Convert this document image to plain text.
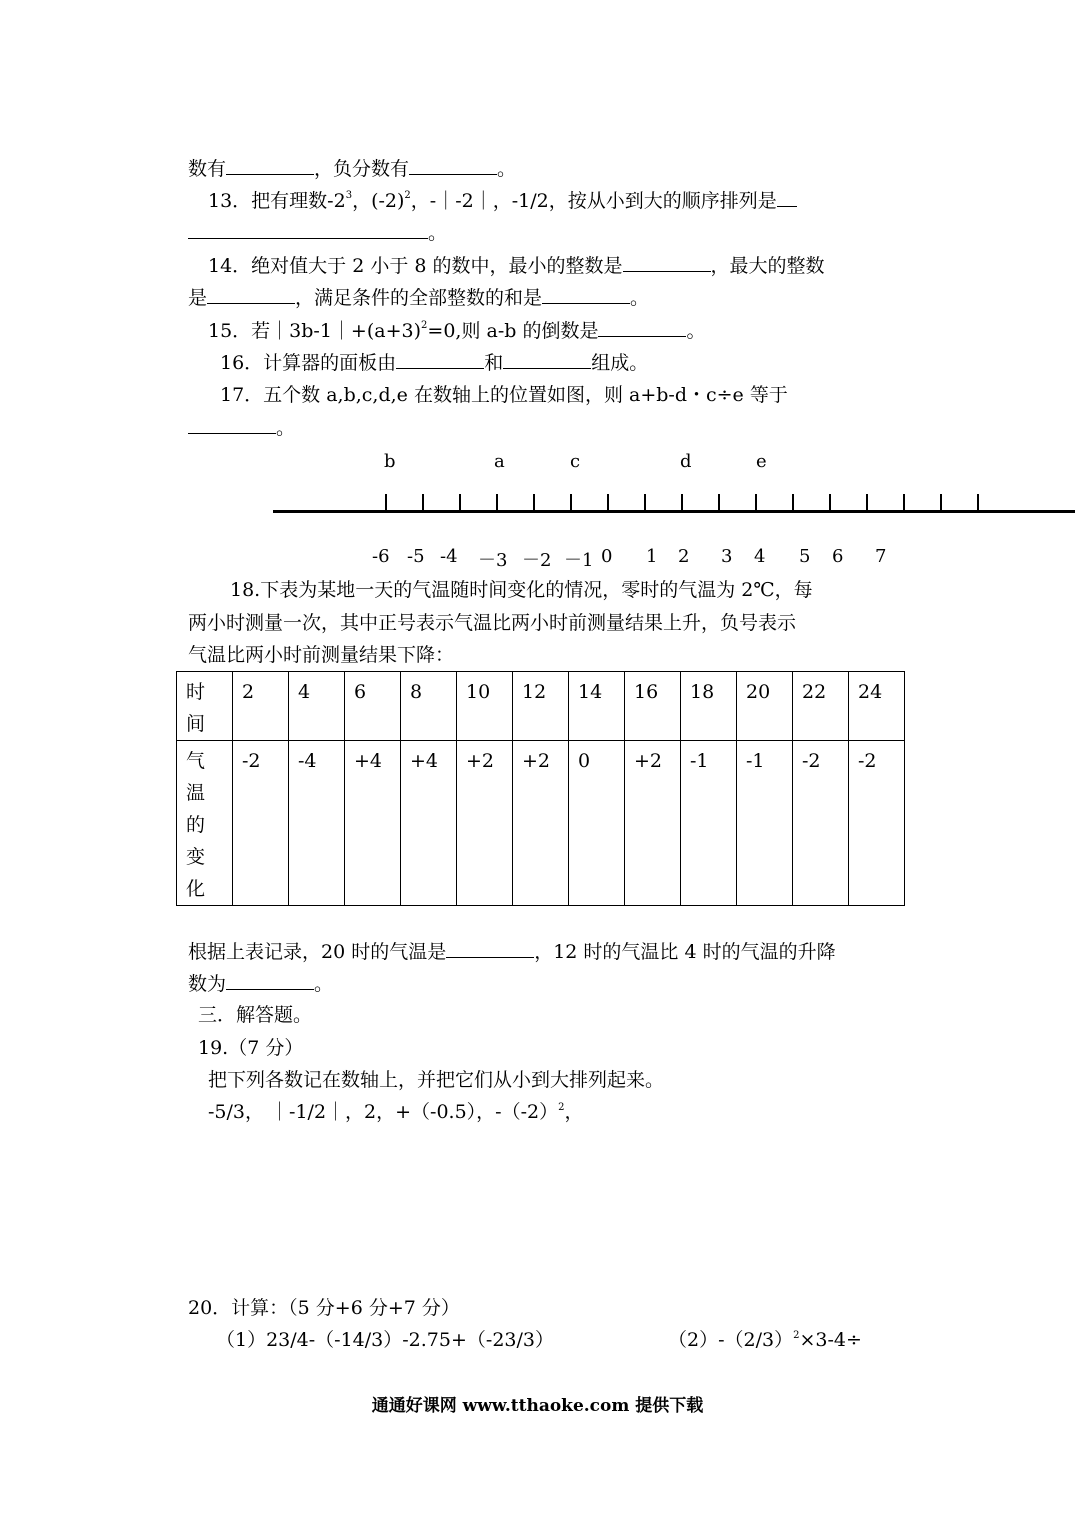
数有	，负分数有	。
13．把有理数$-2^3$，$(-2)^2$，-｜-2｜，-1/2，按从小到大的顺序排列是
。
14．绝对值大于 2 小于 8 的数中，最小的整数是	，最大的整数
是	，满足条件的全部整数的和是	。
15．若$|3b-1|+(a+3)^2=0$,则 a-b 的倒数是	。
16．计算器的面板由	和	组成。
17．五个数 a,b,c,d,e 在数轴上的位置如图，则 a+b-d・c÷e 等于
。
b	a	c	d	e
-6 -5 -4 －3 －2 －1 0 1 2 3 4 5 6 7
18.下表为某地一天的气温随时间变化的情况，零时的气温为 2℃，每
两小时测量一次，其中正号表示气温比两小时前测量结果上升，负号表示
气温比两小时前测量结果下降：
时
间	2	4	6	8	10	12	14	16	18	20	22	24
气
温
的
变
化	-2	-4	+4	+4	+2	+2	0	+2	-1	-1	-2	-2
根据上表记录，20 时的气温是	，12 时的气温比 4 时的气温的升降
数为	。
三．解答题。
19.（7 分）
把下列各数记在数轴上，并把它们从小到大排列起来。
-5/3， ｜-1/2｜，2，+（-0.5），$-(-2)^2$，
20．计算：（5 分+6 分+7 分）
（1）23/4-（-14/3）-2.75+（-23/3）	$(2)-(2/3)^2\times 3-4\div$
通通好课网 www.tthaoke.com 提供下载
